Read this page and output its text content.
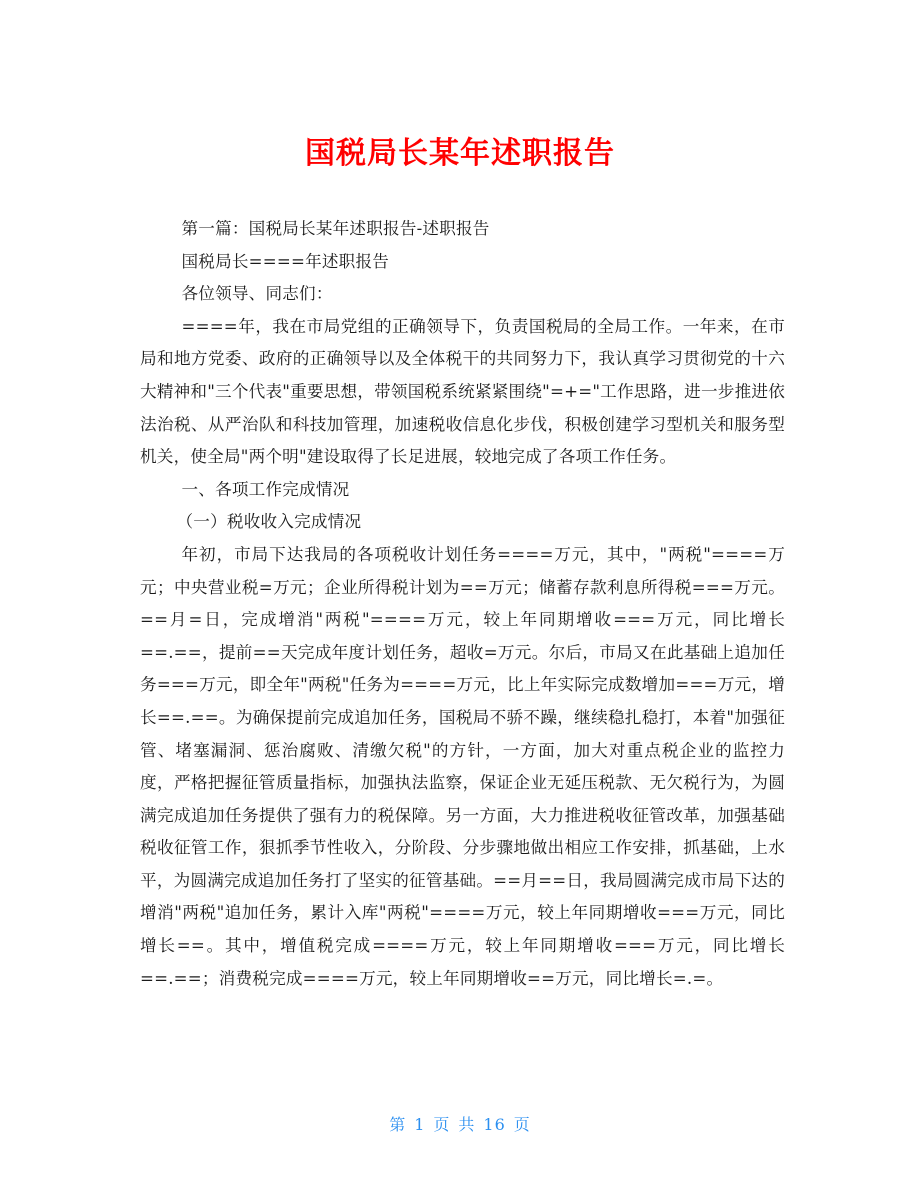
国税局长某年述职报告

第一篇：国税局长某年述职报告-述职报告

国税局长====年述职报告

各位领导、同志们：

====年，我在市局党组的正确领导下，负责国税局的全局工作。一年来，在市局和地方党委、政府的正确领导以及全体税干的共同努力下，我认真学习贯彻党的十六大精神和"三个代表"重要思想，带领国税系统紧紧围绕"=+="工作思路，进一步推进依法治税、从严治队和科技加管理，加速税收信息化步伐，积极创建学习型机关和服务型机关，使全局"两个明"建设取得了长足进展，较地完成了各项工作任务。

一、各项工作完成情况

（一）税收收入完成情况

年初，市局下达我局的各项税收计划任务====万元，其中，"两税"====万元；中央营业税=万元；企业所得税计划为==万元；储蓄存款利息所得税===万元。==月=日，完成增消"两税"====万元，较上年同期增收===万元，同比增长==.==，提前==天完成年度计划任务，超收=万元。尔后，市局又在此基础上追加任务===万元，即全年"两税"任务为====万元，比上年实际完成数增加===万元，增长==.==。为确保提前完成追加任务，国税局不骄不躁，继续稳扎稳打，本着"加强征管、堵塞漏洞、惩治腐败、清缴欠税"的方针，一方面，加大对重点税企业的监控力度，严格把握征管质量指标，加强执法监察，保证企业无延压税款、无欠税行为，为圆满完成追加任务提供了强有力的税保障。另一方面，大力推进税收征管改革，加强基础税收征管工作，狠抓季节性收入，分阶段、分步骤地做出相应工作安排，抓基础，上水平，为圆满完成追加任务打了坚实的征管基础。==月==日，我局圆满完成市局下达的增消"两税"追加任务，累计入库"两税"====万元，较上年同期增收===万元，同比增长==。其中，增值税完成====万元，较上年同期增收===万元，同比增长==.==；消费税完成====万元，较上年同期增收==万元，同比增长=.=。

第 1 页 共 16 页
